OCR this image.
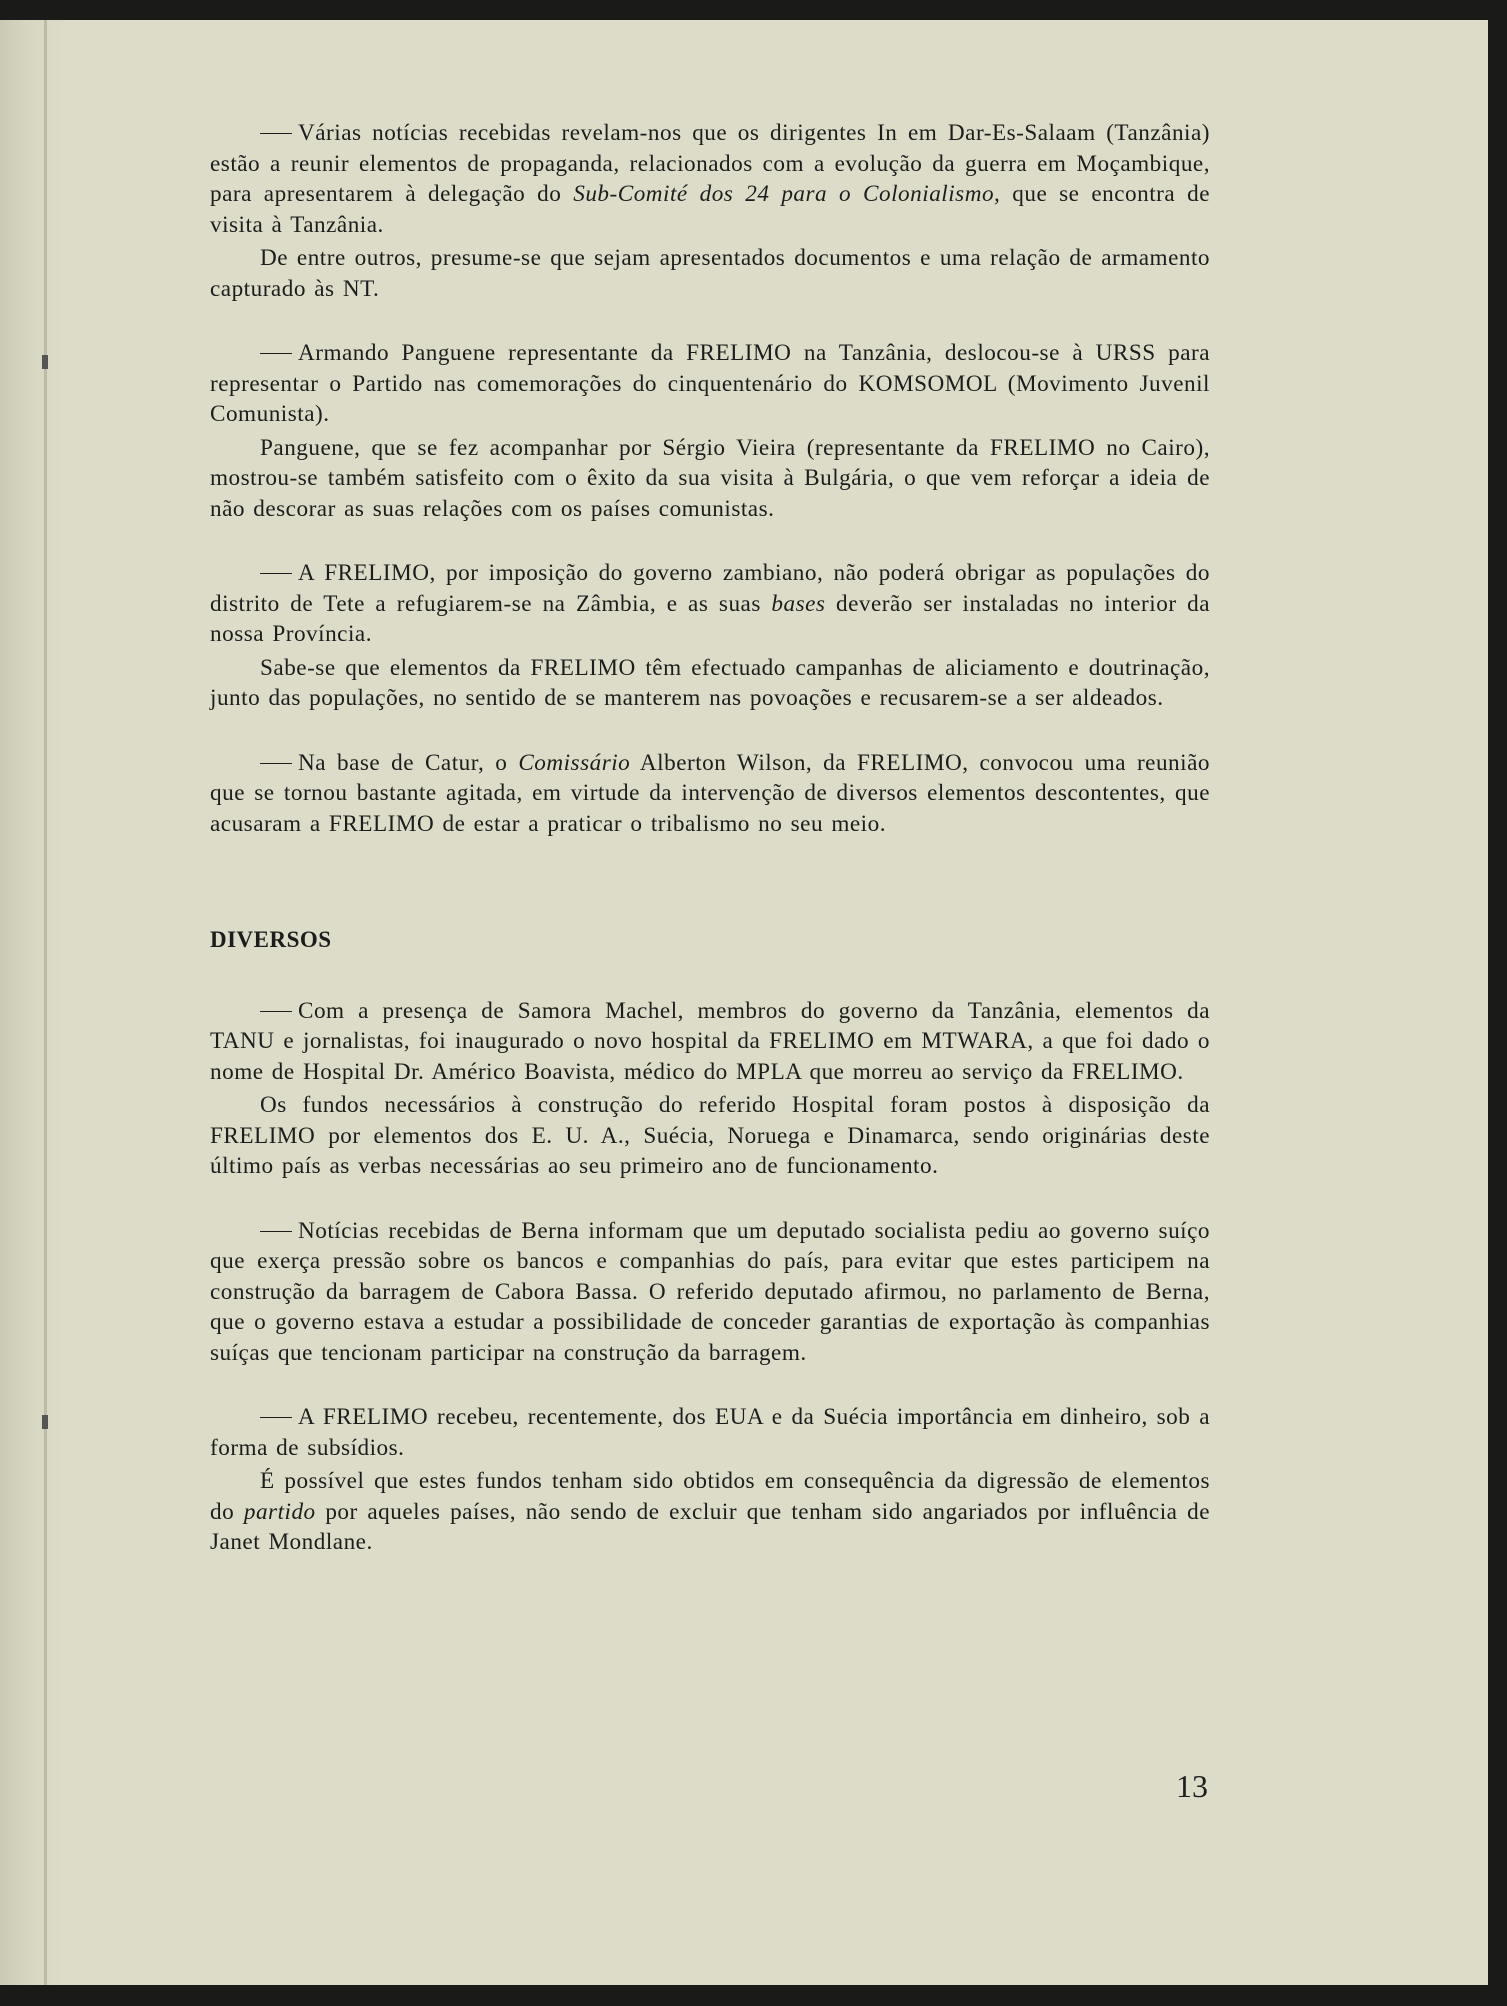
Várias notícias recebidas revelam-nos que os dirigentes In em Dar-Es-Salaam (Tanzânia) estão a reunir elementos de propaganda, relacionados com a evolução da guerra em Moçambique, para apresentarem à delegação do Sub-Comité dos 24 para o Colonialismo, que se encontra de visita à Tanzânia.

De entre outros, presume-se que sejam apresentados documentos e uma relação de armamento capturado às NT.

Armando Panguene representante da FRELIMO na Tanzânia, deslocou-se à URSS para representar o Partido nas comemorações do cinquentenário do KOMSOMOL (Movimento Juvenil Comunista).

Panguene, que se fez acompanhar por Sérgio Vieira (representante da FRELIMO no Cairo), mostrou-se também satisfeito com o êxito da sua visita à Bulgária, o que vem reforçar a ideia de não descorar as suas relações com os países comunistas.

A FRELIMO, por imposição do governo zambiano, não poderá obrigar as populações do distrito de Tete a refugiarem-se na Zâmbia, e as suas bases deverão ser instaladas no interior da nossa Província.

Sabe-se que elementos da FRELIMO têm efectuado campanhas de aliciamento e doutrinação, junto das populações, no sentido de se manterem nas povoações e recusarem-se a ser aldeados.

Na base de Catur, o Comissário Alberton Wilson, da FRELIMO, convocou uma reunião que se tornou bastante agitada, em virtude da intervenção de diversos elementos descontentes, que acusaram a FRELIMO de estar a praticar o tribalismo no seu meio.

DIVERSOS

Com a presença de Samora Machel, membros do governo da Tanzânia, elementos da TANU e jornalistas, foi inaugurado o novo hospital da FRELIMO em MTWARA, a que foi dado o nome de Hospital Dr. Américo Boavista, médico do MPLA que morreu ao serviço da FRELIMO.

Os fundos necessários à construção do referido Hospital foram postos à disposição da FRELIMO por elementos dos E. U. A., Suécia, Noruega e Dinamarca, sendo originárias deste último país as verbas necessárias ao seu primeiro ano de funcionamento.

Notícias recebidas de Berna informam que um deputado socialista pediu ao governo suíço que exerça pressão sobre os bancos e companhias do país, para evitar que estes participem na construção da barragem de Cabora Bassa. O referido deputado afirmou, no parlamento de Berna, que o governo estava a estudar a possibilidade de conceder garantias de exportação às companhias suíças que tencionam participar na construção da barragem.

A FRELIMO recebeu, recentemente, dos EUA e da Suécia importância em dinheiro, sob a forma de subsídios.

É possível que estes fundos tenham sido obtidos em consequência da digressão de elementos do partido por aqueles países, não sendo de excluir que tenham sido angariados por influência de Janet Mondlane.

13
